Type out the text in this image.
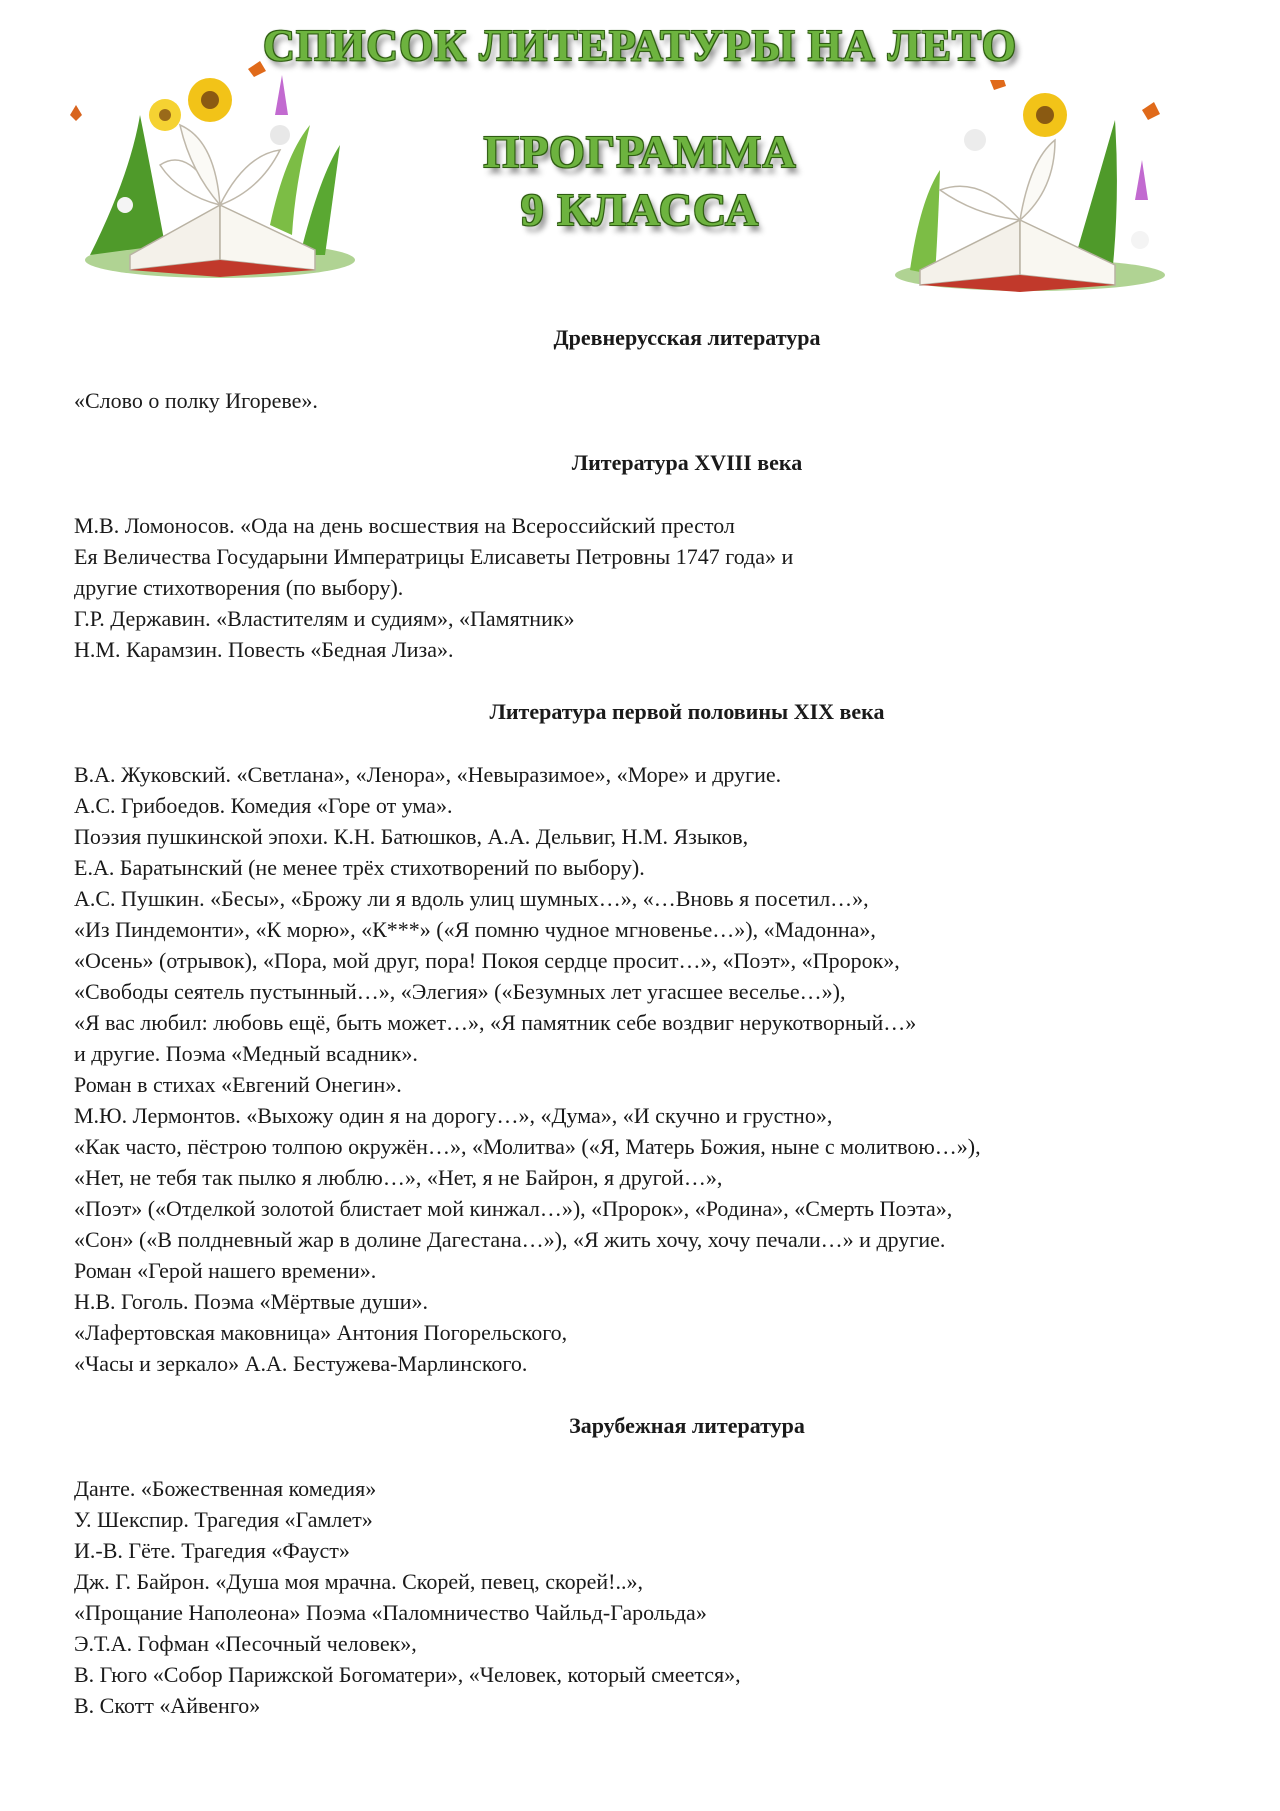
СПИСОК ЛИТЕРАТУРЫ НА ЛЕТО
ПРОГРАММА
9 КЛАССА

Древнерусская литература

«Слово о полку Игореве».

Литература XVIII века

М.В. Ломоносов. «Ода на день восшествия на Всероссийский престол

Ея Величества Государыни Императрицы Елисаветы Петровны 1747 года» и

другие стихотворения (по выбору).

Г.Р. Державин. «Властителям и судиям», «Памятник»

Н.М. Карамзин. Повесть «Бедная Лиза».

Литература первой половины XIX века

В.А. Жуковский. «Светлана», «Ленора», «Невыразимое», «Море» и другие.

А.С. Грибоедов. Комедия «Горе от ума».

Поэзия пушкинской эпохи. К.Н. Батюшков, А.А. Дельвиг, Н.М. Языков,

Е.А. Баратынский (не менее трёх стихотворений по выбору).

А.С. Пушкин. «Бесы», «Брожу ли я вдоль улиц шумных…», «…Вновь я посетил…»,

«Из Пиндемонти», «К морю», «К***» («Я помню чудное мгновенье…»), «Мадонна»,

«Осень» (отрывок), «Пора, мой друг, пора! Покоя сердце просит…», «Поэт», «Пророк»,

«Свободы сеятель пустынный…», «Элегия» («Безумных лет угасшее веселье…»),

«Я вас любил: любовь ещё, быть может…», «Я памятник себе воздвиг нерукотворный…»

и другие. Поэма «Медный всадник».

Роман в стихах «Евгений Онегин».

М.Ю. Лермонтов. «Выхожу один я на дорогу…», «Дума», «И скучно и грустно»,

«Как часто, пёстрою толпою окружён…», «Молитва» («Я, Матерь Божия, ныне с молитвою…»),

«Нет, не тебя так пылко я люблю…», «Нет, я не Байрон, я другой…»,

«Поэт» («Отделкой золотой блистает мой кинжал…»), «Пророк», «Родина», «Смерть Поэта»,

«Сон» («В полдневный жар в долине Дагестана…»), «Я жить хочу, хочу печали…» и другие.

Роман «Герой нашего времени».

Н.В. Гоголь. Поэма «Мёртвые души».

«Лафертовская маковница» Антония Погорельского,

«Часы и зеркало» А.А. Бестужева-Марлинского.

Зарубежная литература

Данте. «Божественная комедия»

У. Шекспир. Трагедия «Гамлет»

И.-В. Гёте. Трагедия «Фауст»

Дж. Г. Байрон. «Душа моя мрачна. Скорей, певец, скорей!..»,

«Прощание Наполеона» Поэма «Паломничество Чайльд-Гарольда»

Э.Т.А. Гофман «Песочный человек»,

В. Гюго «Собор Парижской Богоматери», «Человек, который смеется»,

В. Скотт «Айвенго»
